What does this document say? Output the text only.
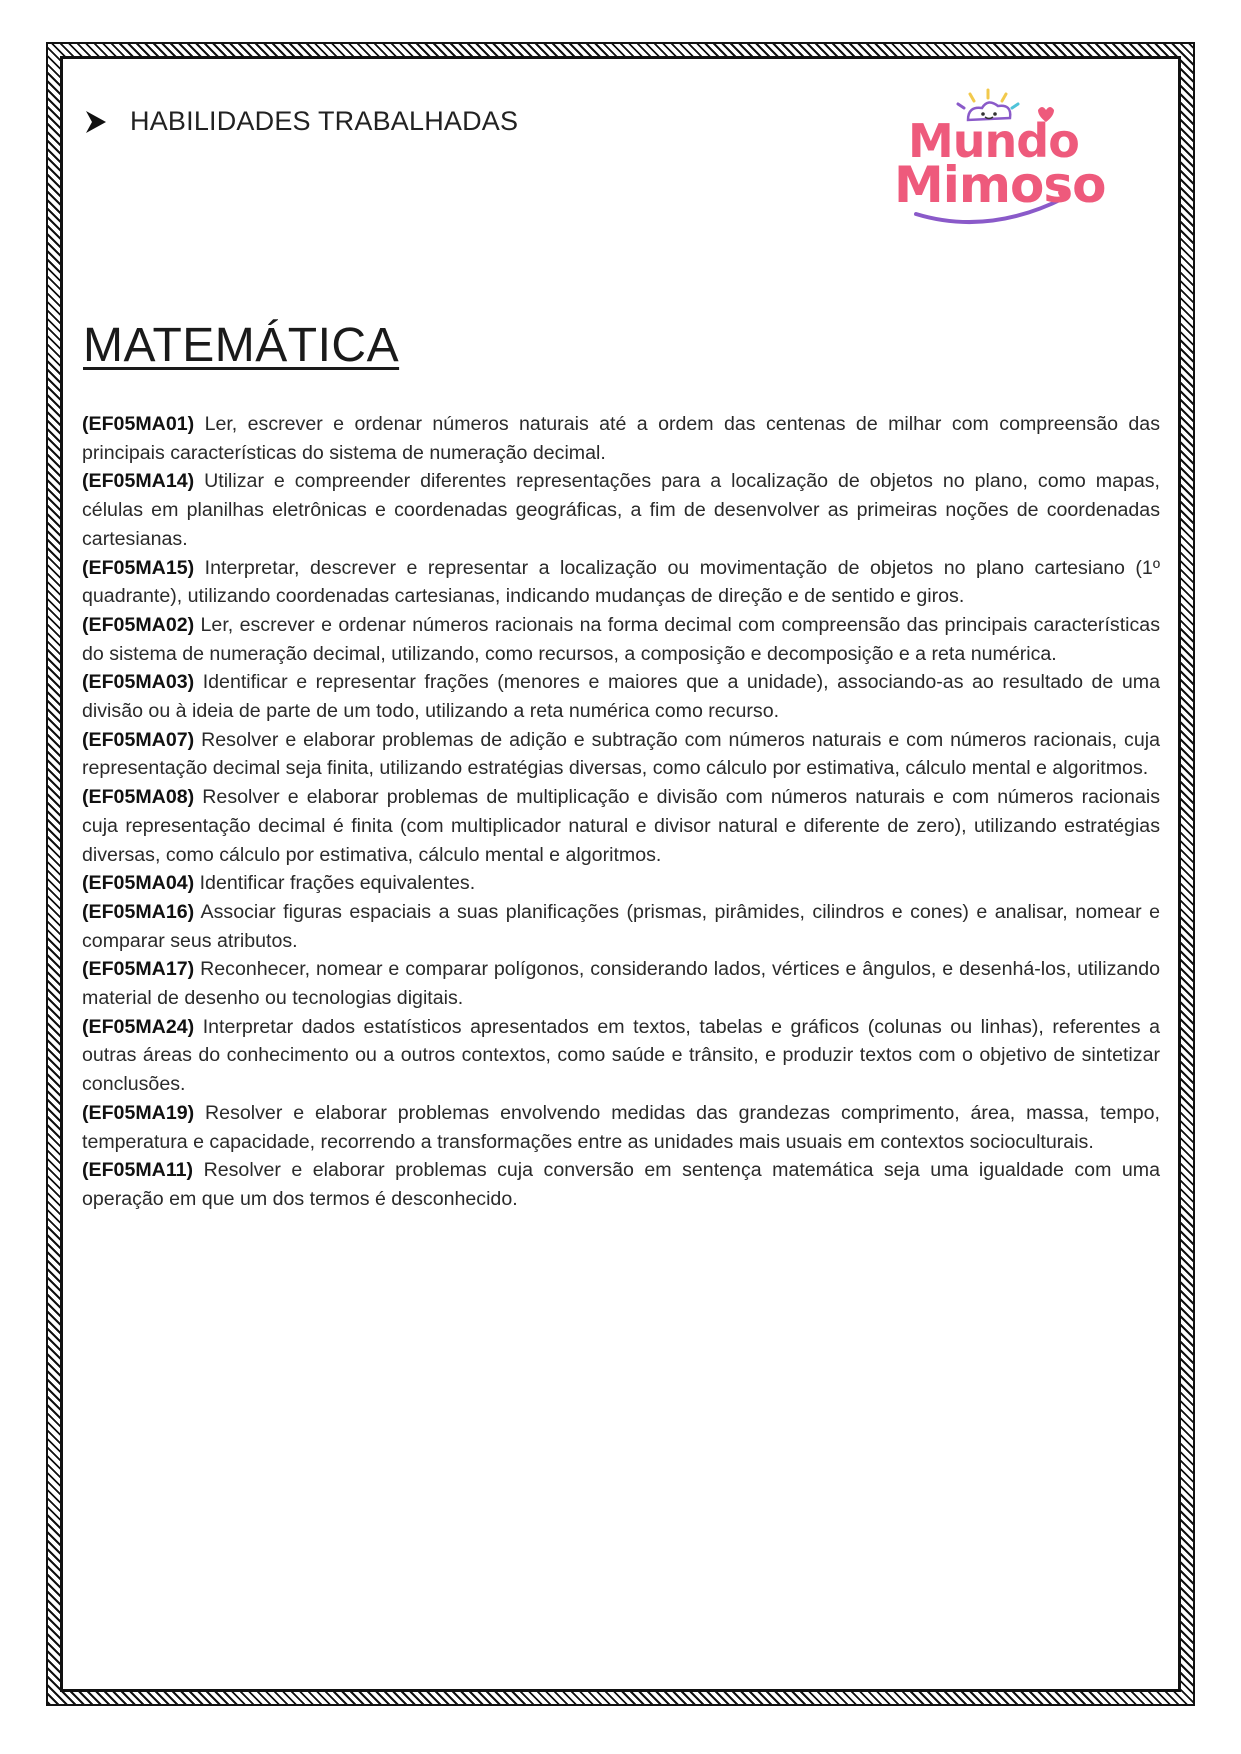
HABILIDADES TRABALHADAS	Mundo
Mimoso
MATEMÁTICA

(EF05MA01) Ler, escrever e ordenar números naturais até a ordem das centenas de milhar com compreensão das principais características do sistema de numeração decimal.

(EF05MA14) Utilizar e compreender diferentes representações para a localização de objetos no plano, como mapas, células em planilhas eletrônicas e coordenadas geográficas, a fim de desenvolver as primeiras noções de coordenadas cartesianas.

(EF05MA15) Interpretar, descrever e representar a localização ou movimentação de objetos no plano cartesiano (1º quadrante), utilizando coordenadas cartesianas, indicando mudanças de direção e de sentido e giros.

(EF05MA02) Ler, escrever e ordenar números racionais na forma decimal com compreensão das principais características do sistema de numeração decimal, utilizando, como recursos, a composição e decomposição e a reta numérica.

(EF05MA03) Identificar e representar frações (menores e maiores que a unidade), associando-as ao resultado de uma divisão ou à ideia de parte de um todo, utilizando a reta numérica como recurso.

(EF05MA07) Resolver e elaborar problemas de adição e subtração com números naturais e com números racionais, cuja representação decimal seja finita, utilizando estratégias diversas, como cálculo por estimativa, cálculo mental e algoritmos.

(EF05MA08) Resolver e elaborar problemas de multiplicação e divisão com números naturais e com números racionais cuja representação decimal é finita (com multiplicador natural e divisor natural e diferente de zero), utilizando estratégias diversas, como cálculo por estimativa, cálculo mental e algoritmos.

(EF05MA04) Identificar frações equivalentes.

(EF05MA16) Associar figuras espaciais a suas planificações (prismas, pirâmides, cilindros e cones) e analisar, nomear e comparar seus atributos.

(EF05MA17) Reconhecer, nomear e comparar polígonos, considerando lados, vértices e ângulos, e desenhá-los, utilizando material de desenho ou tecnologias digitais.

(EF05MA24) Interpretar dados estatísticos apresentados em textos, tabelas e gráficos (colunas ou linhas), referentes a outras áreas do conhecimento ou a outros contextos, como saúde e trânsito, e produzir textos com o objetivo de sintetizar conclusões.

(EF05MA19) Resolver e elaborar problemas envolvendo medidas das grandezas comprimento, área, massa, tempo, temperatura e capacidade, recorrendo a transformações entre as unidades mais usuais em contextos socioculturais.

(EF05MA11) Resolver e elaborar problemas cuja conversão em sentença matemática seja uma igualdade com uma operação em que um dos termos é desconhecido.
